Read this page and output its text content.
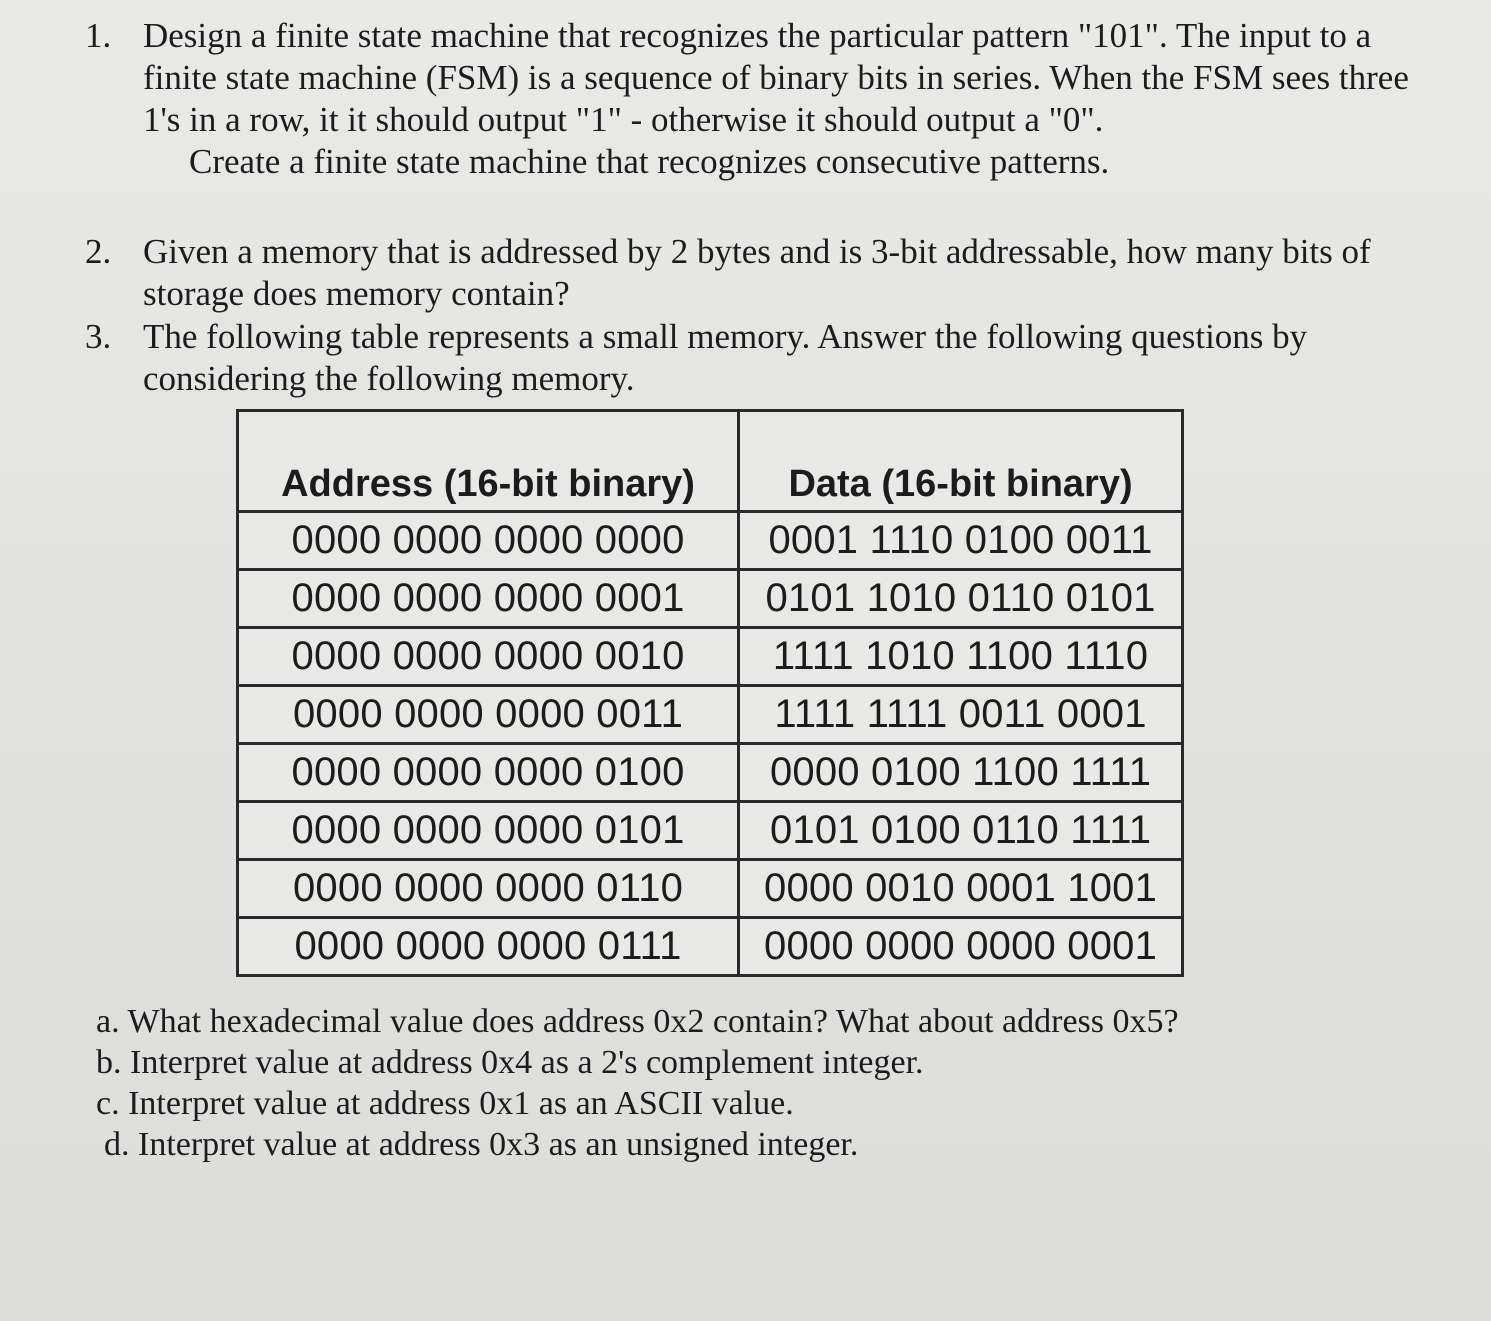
1. Design a finite state machine that recognizes the particular pattern "101". The input to a
finite state machine (FSM) is a sequence of binary bits in series. When the FSM sees three
1's in a row, it it should output "1" - otherwise it should output a "0".
Create a finite state machine that recognizes consecutive patterns.
2. Given a memory that is addressed by 2 bytes and is 3-bit addressable, how many bits of
storage does memory contain?
3. The following table represents a small memory. Answer the following questions by
considering the following memory.
Address (16-bit binary)	Data (16-bit binary)
0000 0000 0000 0000	0001 1110 0100 0011
0000 0000 0000 0001	0101 1010 0110 0101
0000 0000 0000 0010	1111 1010 1100 1110
0000 0000 0000 0011	1111 1111 0011 0001
0000 0000 0000 0100	0000 0100 1100 1111
0000 0000 0000 0101	0101 0100 0110 1111
0000 0000 0000 0110	0000 0010 0001 1001
0000 0000 0000 0111	0000 0000 0000 0001
a. What hexadecimal value does address 0x2 contain? What about address 0x5?
b. Interpret value at address 0x4 as a 2's complement integer.
c. Interpret value at address 0x1 as an ASCII value.
d. Interpret value at address 0x3 as an unsigned integer.
